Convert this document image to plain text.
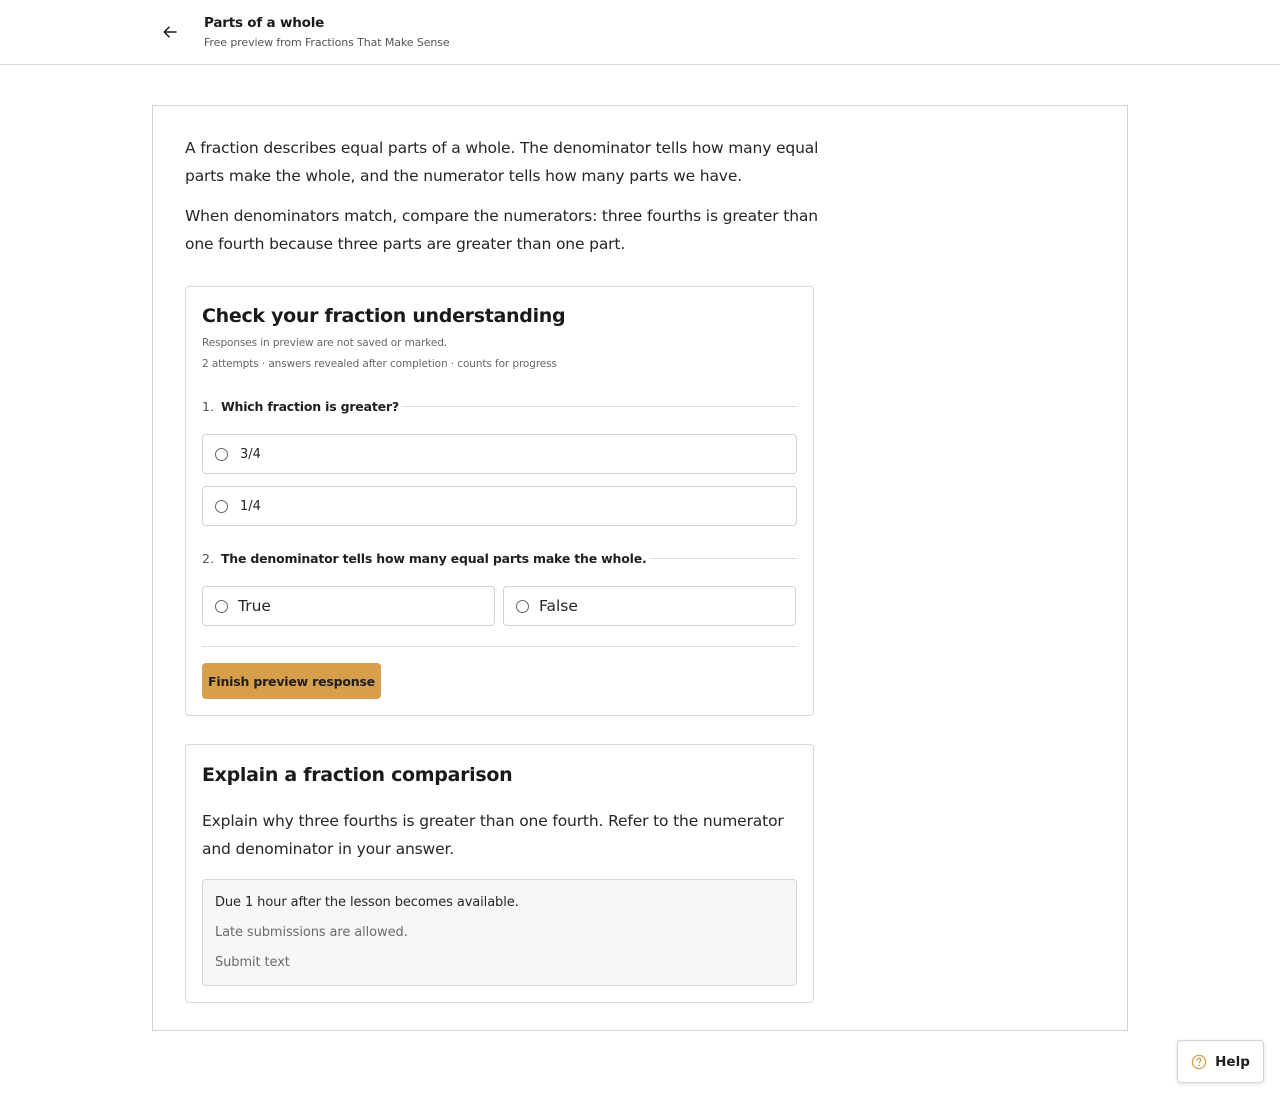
Parts of a whole
Free preview from Fractions That Make Sense

A fraction describes equal parts of a whole. The denominator tells how many equal parts make the whole, and the numerator tells how many parts we have.

When denominators match, compare the numerators: three fourths is greater than one fourth because three parts are greater than one part.

Check your fraction understanding
Responses in preview are not saved or marked.
2 attempts · answers revealed after completion · counts for progress
1. Which fraction is greater?
3/4
1/4
2. The denominator tells how many equal parts make the whole.
True	False
Finish preview response
Explain a fraction comparison

Explain why three fourths is greater than one fourth. Refer to the numerator and denominator in your answer.

Due 1 hour after the lesson becomes available.
Late submissions are allowed.
Submit text
Help
